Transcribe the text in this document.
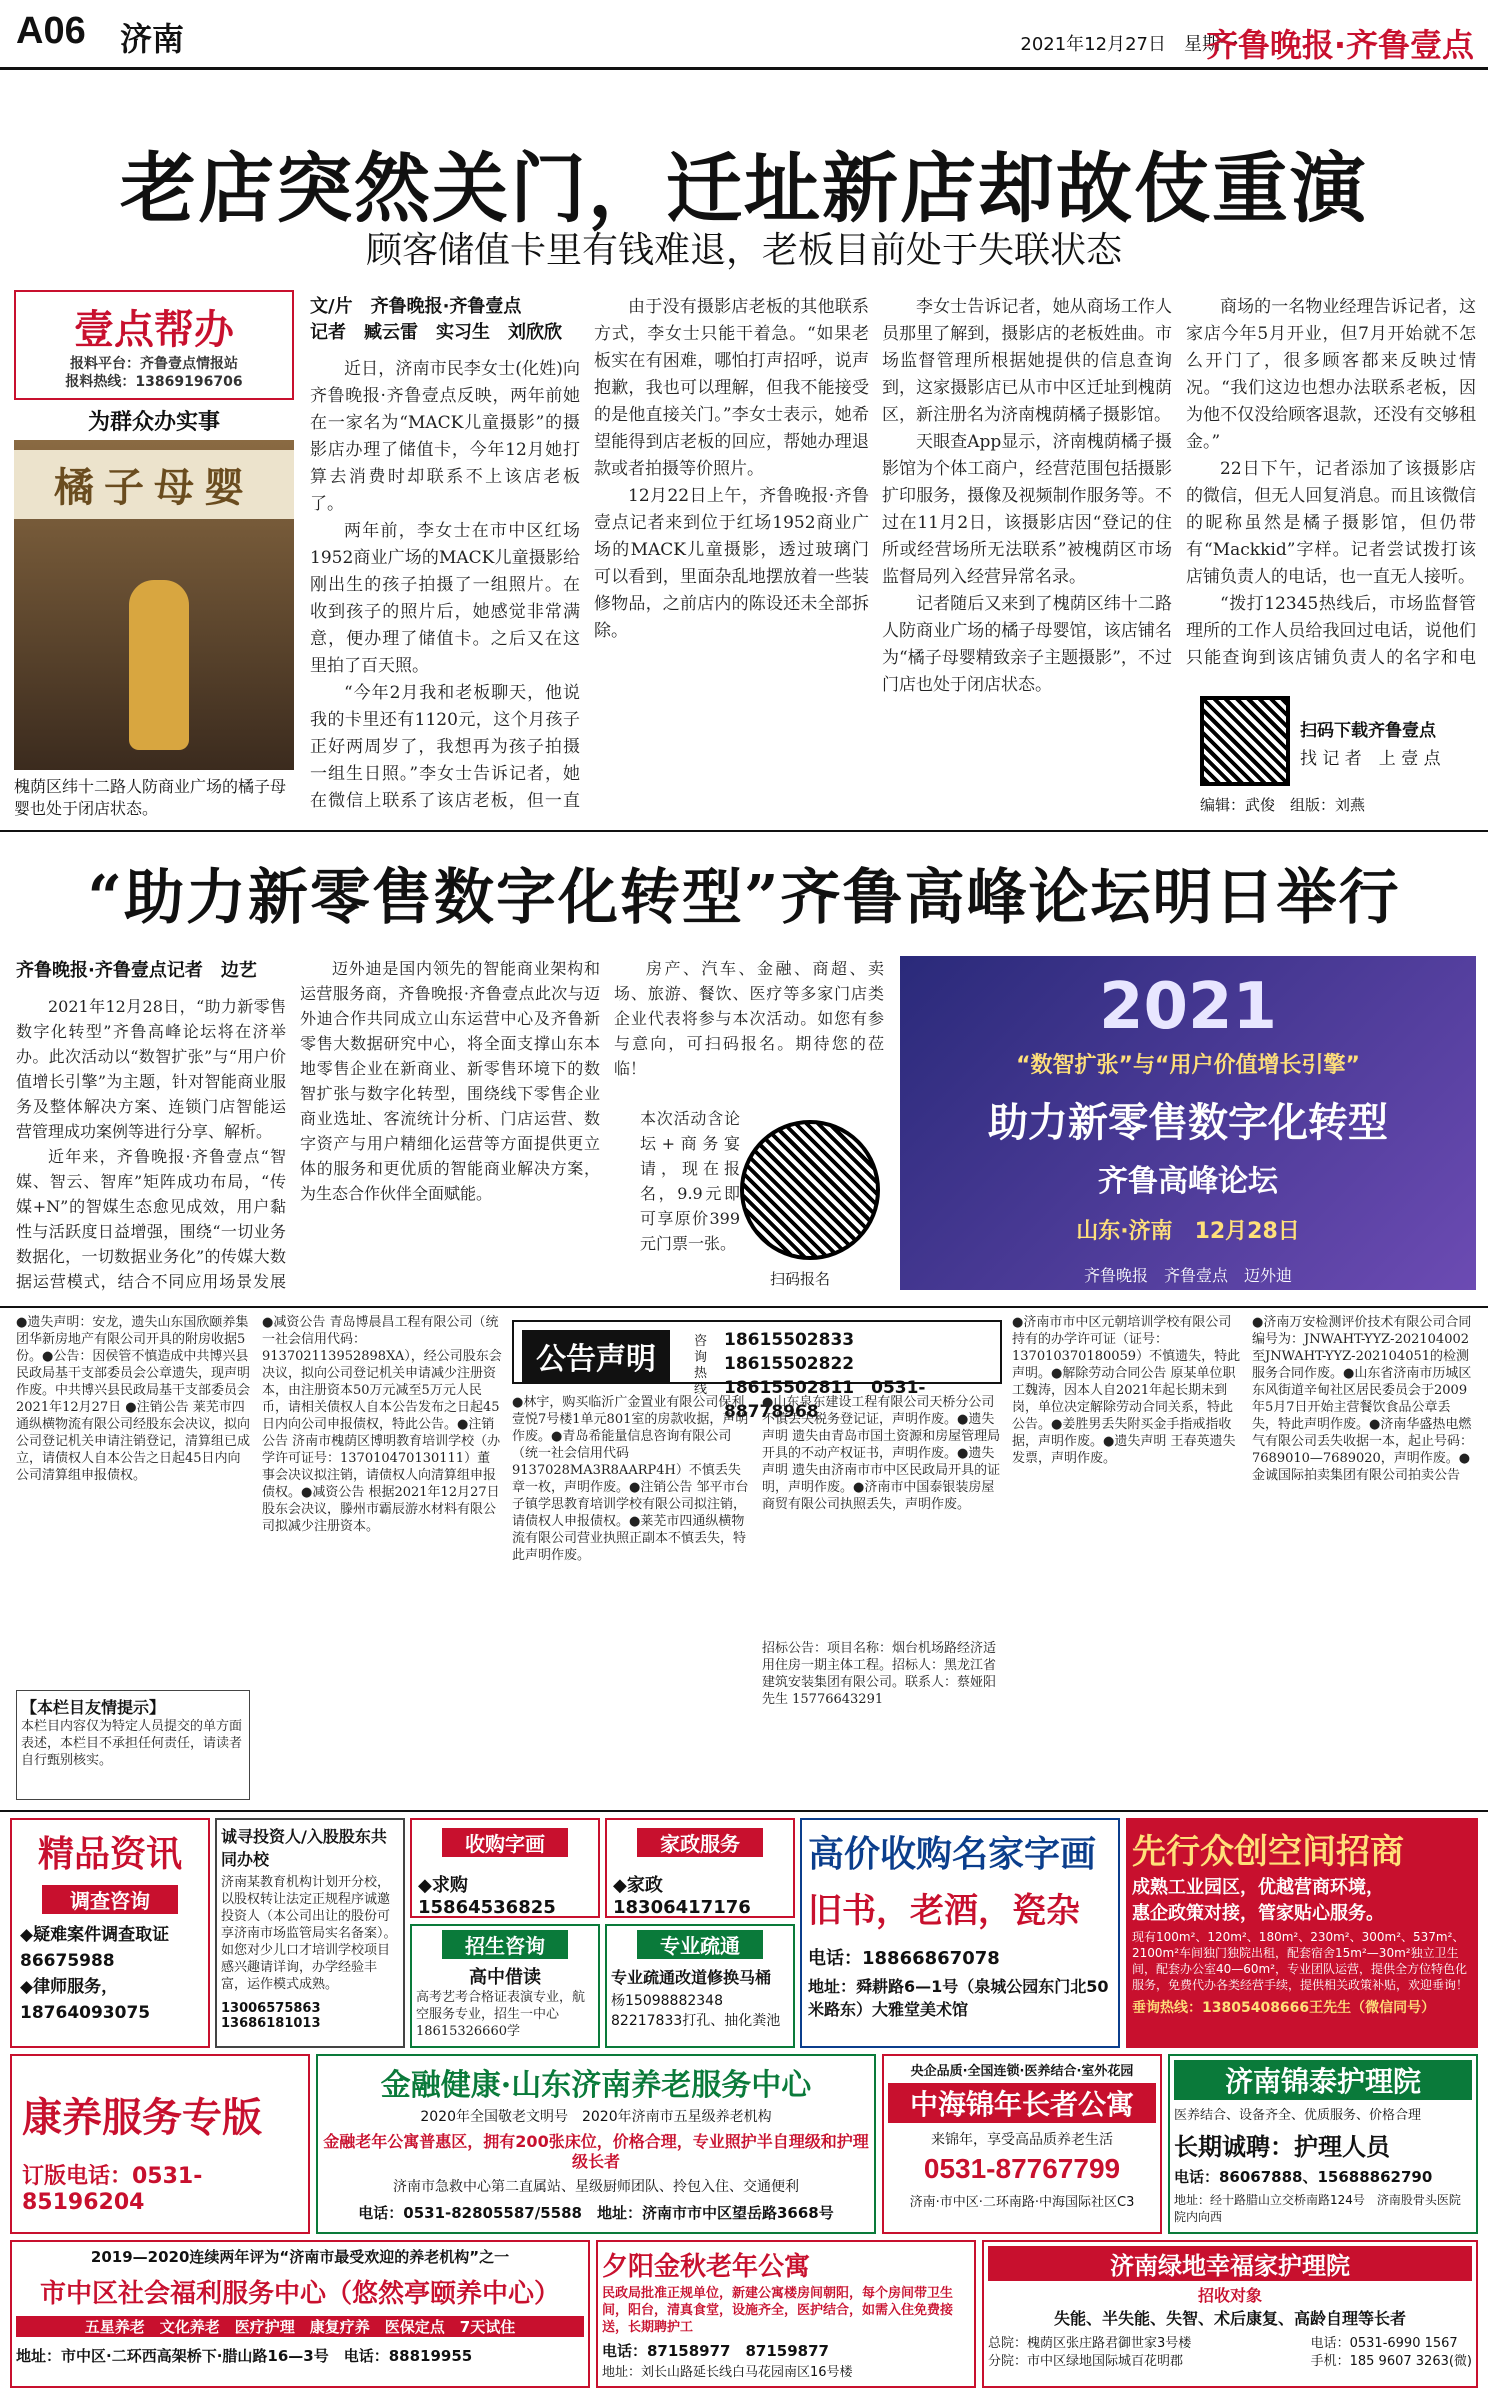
A06 济南	2021年12月27日　星期一
齐鲁晚报·齐鲁壹点
老店突然关门，迁址新店却故伎重演
顾客储值卡里有钱难退，老板目前处于失联状态
壹点帮办
报料平台：齐鲁壹点情报站
报料热线：13869196706
为群众办实事
橘子母婴
槐荫区纬十二路人防商业广场的橘子母婴也处于闭店状态。
文/片　齐鲁晚报·齐鲁壹点
记者　臧云雷　实习生　刘欣欣

近日，济南市民李女士(化姓)向齐鲁晚报·齐鲁壹点反映，两年前她在一家名为“MACK儿童摄影”的摄影店办理了储值卡，今年12月她打算去消费时却联系不上该店老板了。

两年前，李女士在市中区红场1952商业广场的MACK儿童摄影给刚出生的孩子拍摄了一组照片。在收到孩子的照片后，她感觉非常满意，便办理了储值卡。之后又在这里拍了百天照。

“今年2月我和老板聊天，他说我的卡里还有1120元，这个月孩子正好两周岁了，我想再为孩子拍摄一组生日照。”李女士告诉记者，她在微信上联系了该店老板，但一直

由于没有摄影店老板的其他联系方式，李女士只能干着急。“如果老板实在有困难，哪怕打声招呼，说声抱歉，我也可以理解，但我不能接受的是他直接关门。”李女士表示，她希望能得到店老板的回应，帮她办理退款或者拍摄等价照片。

12月22日上午，齐鲁晚报·齐鲁壹点记者来到位于红场1952商业广场的MACK儿童摄影，透过玻璃门可以看到，里面杂乱地摆放着一些装修物品，之前店内的陈设还未全部拆除。

李女士告诉记者，她从商场工作人员那里了解到，摄影店的老板姓曲。市场监督管理所根据她提供的信息查询到，这家摄影店已从市中区迁址到槐荫区，新注册名为济南槐荫橘子摄影馆。

天眼查App显示，济南槐荫橘子摄影馆为个体工商户，经营范围包括摄影扩印服务，摄像及视频制作服务等。不过在11月2日，该摄影店因“登记的住所或经营场所无法联系”被槐荫区市场监督局列入经营异常名录。

记者随后又来到了槐荫区纬十二路人防商业广场的橘子母婴馆，该店铺名为“橘子母婴精致亲子主题摄影”，不过门店也处于闭店状态。

商场的一名物业经理告诉记者，这家店今年5月开业，但7月开始就不怎么开门了，很多顾客都来反映过情况。“我们这边也想办法联系老板，因为他不仅没给顾客退款，还没有交够租金。”

22日下午，记者添加了该摄影店的微信，但无人回复消息。而且该微信的昵称虽然是橘子摄影馆，但仍带有“Mackkid”字样。记者尝试拨打该店铺负责人的电话，也一直无人接听。

“拨打12345热线后，市场监督管理所的工作人员给我回过电话，说他们只能查询到该店铺负责人的名字和电

扫码下载齐鲁壹点
找 记 者　上 壹 点
编辑：武俊　组版：刘燕
“助力新零售数字化转型”齐鲁高峰论坛明日举行
齐鲁晚报·齐鲁壹点记者　边艺

2021年12月28日，“助力新零售数字化转型”齐鲁高峰论坛将在济举办。此次活动以“数智扩张”与“用户价值增长引擎”为主题，针对智能商业服务及整体解决方案、连锁门店智能运营管理成功案例等进行分享、解析。

近年来，齐鲁晚报·齐鲁壹点“智媒、智云、智库”矩阵成功布局，“传媒+N”的智媒生态愈见成效，用户黏性与活跃度日益增强，围绕“一切业务数据化，一切数据业务化”的传媒大数据运营模式，结合不同应用场景发展

迈外迪是国内领先的智能商业架构和运营服务商，齐鲁晚报·齐鲁壹点此次与迈外迪合作共同成立山东运营中心及齐鲁新零售大数据研究中心，将全面支撑山东本地零售企业在新商业、新零售环境下的数智扩张与数字化转型，围绕线下零售企业商业选址、客流统计分析、门店运营、数字资产与用户精细化运营等方面提供更立体的服务和更优质的智能商业解决方案，为生态合作伙伴全面赋能。

房产、汽车、金融、商超、卖场、旅游、餐饮、医疗等多家门店类企业代表将参与本次活动。如您有参与意向，可扫码报名。期待您的莅临！

本次活动含论坛+商务宴请，现在报名，9.9元即可享原价399元门票一张。

扫码报名
2021
“数智扩张”与“用户价值增长引擎”
助力新零售数字化转型
齐鲁高峰论坛
山东·济南　 12月28日
齐鲁晚报　齐鲁壹点　迈外迪
●遗失声明：安龙，遗失山东国欣颐养集团华新房地产有限公司开具的附房收据5份。●公告：因侯管不慎造成中共博兴县民政局基干支部委员会公章遗失，现声明作废。中共博兴县民政局基干支部委员会 2021年12月27日 ●注销公告 莱芜市四通纵横物流有限公司经股东会决议，拟向公司登记机关申请注销登记，清算组已成立，请债权人自本公告之日起45日内向公司清算组申报债权。
【本栏目友情提示】
本栏目内容仅为特定人员提交的单方面表述，本栏目不承担任何责任，请读者自行甄别核实。
●减资公告 青岛博晨昌工程有限公司（统一社会信用代码：913702113952898XA），经公司股东会决议，拟向公司登记机关申请减少注册资本，由注册资本50万元减至5万元人民币，请相关债权人自本公告发布之日起45日内向公司申报债权，特此公告。●注销公告 济南市槐荫区博明教育培训学校（办学许可证号：137010470130111）董事会决议拟注销，请债权人向清算组申报债权。●减资公告 根据2021年12月27日股东会决议，滕州市霸辰游水材料有限公司拟减少注册资本。
公告声明
咨询热线
18615502833　18615502822
18615502811　0531-88778968
●林宇，购买临沂广金置业有限公司保利壹悦7号楼1单元801室的房款收据，声明作废。●青岛希能量信息咨询有限公司（统一社会信用代码9137028MA3R8AARP4H）不慎丢失章一枚，声明作废。●注销公告 邹平市台子镇学思教育培训学校有限公司拟注销，请债权人申报债权。●莱芜市四通纵横物流有限公司营业执照正副本不慎丢失，特此声明作废。
●山东泉东建设工程有限公司天桥分公司不慎丢失税务登记证，声明作废。●遗失声明 遗失由青岛市国土资源和房屋管理局开具的不动产权证书，声明作废。●遗失声明 遗失由济南市市中区民政局开具的证明，声明作废。●济南市中国泰银装房屋商贸有限公司执照丢失，声明作废。
招标公告：项目名称：烟台机场路经济适用住房一期主体工程。招标人：黑龙江省建筑安装集团有限公司。联系人：蔡娅阳先生 15776643291
●济南市市中区元朝培训学校有限公司持有的办学许可证（证号：137010370180059）不慎遗失，特此声明。●解除劳动合同公告 原某单位职工魏涛，因本人自2021年起长期未到岗，单位决定解除劳动合同关系，特此公告。●姜胜男丢失附买金手指戒指收据，声明作废。●遗失声明 王春英遗失发票，声明作废。
●济南万安检测评价技术有限公司合同编号为：JNWAHT-YYZ-202104002至JNWAHT-YYZ-202104051的检测服务合同作废。●山东省济南市历城区东风街道辛甸社区居民委员会于2009年5月7日开始主营餐饮食品公章丢失，特此声明作废。●济南华盛热电燃气有限公司丢失收据一本，起止号码：7689010—7689020，声明作废。●金诚国际拍卖集团有限公司拍卖公告
精品资讯
调查咨询
◆疑难案件调查取证
86675988
◆律师服务，
18764093075
诚寻投资人/入股股东共同办校
济南某教育机构计划开分校，以股权转让法定正规程序诚邀投资人（本公司出让的股份可享济南市场监管局实名备案）。如您对少儿口才培训学校项目感兴趣请详询，办学经验丰富，运作模式成熟。
13006575863　13686181013
收购字画
◆求购15864536825
家政服务
◆家政18306417176
招生咨询
高中借读
高考艺考合格证表演专业，航空服务专业，招生一中心
18615326660学
专业疏通
专业疏通改道修换马桶
杨15098882348 82217833打孔、抽化粪池
高价收购名家字画
旧书，老酒，瓷杂
电话：18866867078
地址：舜耕路6—1号（泉城公园东门北50米路东）大雅堂美术馆
先行众创空间招商
成熟工业园区，优越营商环境，
惠企政策对接，管家贴心服务。
现有100m²、120m²、180m²、230m²、300m²、537m²、2100m²车间独门独院出租，配套宿舍15m²—30m²独立卫生间，配套办公室40—60m²，专业团队运营，提供全方位特色化服务，免费代办各类经营手续，提供相关政策补贴，欢迎垂询！
垂询热线：13805408666王先生（微信同号）
康养服务专版
订版电话：0531-85196204
金融健康·山东济南养老服务中心
2020年全国敬老文明号　2020年济南市五星级养老机构
金融老年公寓普惠区，拥有200张床位，价格合理，专业照护半自理级和护理级长者
济南市急救中心第二直属站、星级厨师团队、拎包入住、交通便利
电话：0531-82805587/5588　地址：济南市市中区望岳路3668号
央企品质·全国连锁·医养结合·室外花园
中海锦年长者公寓
来锦年，享受高品质养老生活
0531-87767799
济南·市中区·二环南路·中海国际社区C3
济南锦泰护理院
医养结合、设备齐全、优质服务、价格合理
长期诚聘：护理人员
电话：86067888、15688862790
地址：经十路腊山立交桥南路124号　济南股骨头医院院内向西
2019—2020连续两年评为“济南市最受欢迎的养老机构”之一
市中区社会福利服务中心（悠然亭颐养中心）
五星养老　文化养老　医疗护理　康复疗养　医保定点　7天试住
地址：市中区·二环西高架桥下·腊山路16—3号　电话：88819955
夕阳金秋老年公寓
民政局批准正规单位，新建公寓楼房间朝阳，每个房间带卫生间，阳台，清真食堂，设施齐全，医护结合，如需入住免费接送，长期聘护工
电话：87158977　87159877
地址：刘长山路延长线白马花园南区16号楼
济南绿地幸福家护理院
招收对象
失能、半失能、失智、术后康复、高龄自理等长者
总院：槐荫区张庄路君御世家3号楼
分院：市中区绿地国际城百花明郡
电话：0531-6990 1567
手机：185 9607 3263(微)
